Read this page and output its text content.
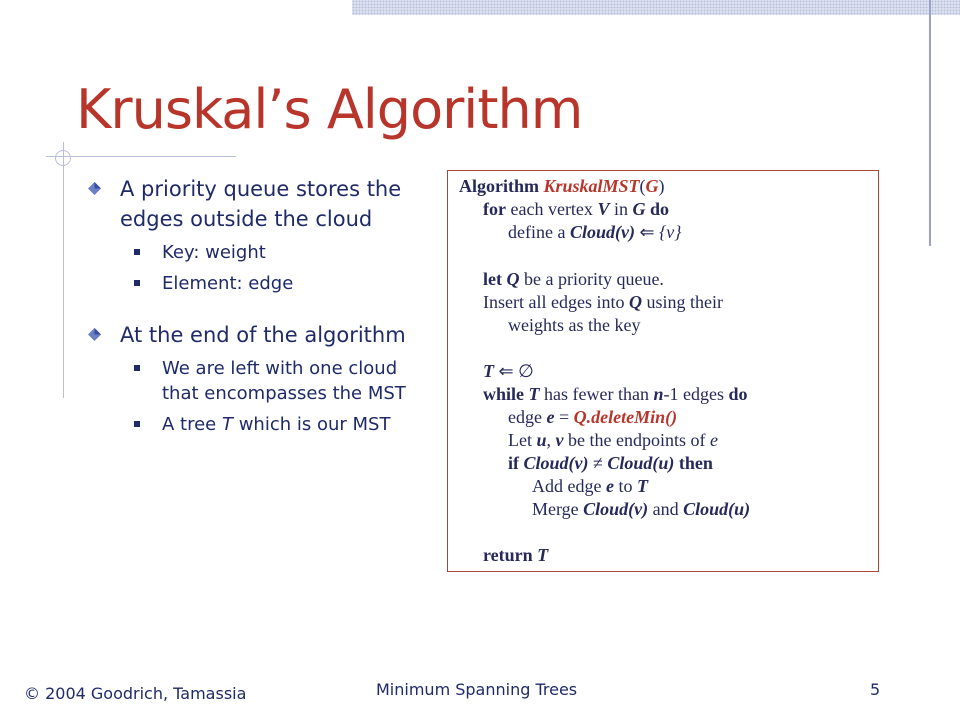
Kruskal’s Algorithm
A priority queue stores the edges outside the cloud
Key: weight
Element: edge
At the end of the algorithm
We are left with one cloud that encompasses the MST
A tree T which is our MST
Algorithm KruskalMST(G)
for each vertex V in G do
define a Cloud(v) ⇐ {v}
let Q be a priority queue.
Insert all edges into Q using their
weights as the key
T ⇐ ∅
while T has fewer than n-1 edges do
edge e = Q.deleteMin()
Let u, v be the endpoints of e
if Cloud(v) ≠ Cloud(u) then
Add edge e to T
Merge Cloud(v) and Cloud(u)
return T
© 2004 Goodrich, Tamassia	Minimum Spanning Trees	5
